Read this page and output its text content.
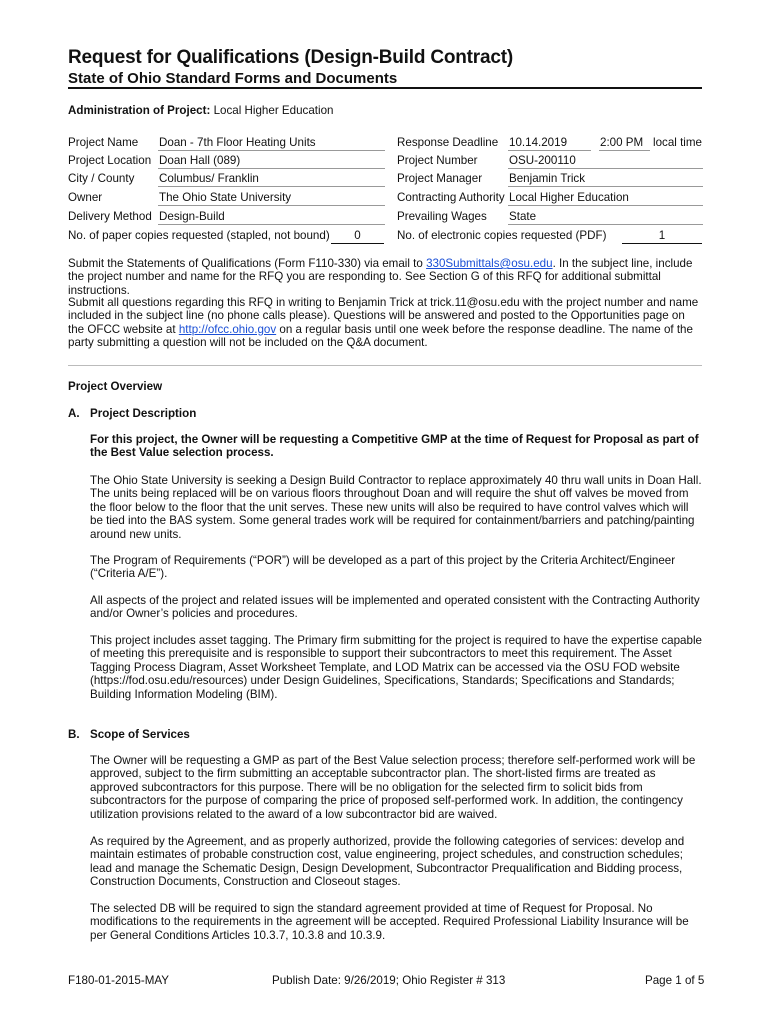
Request for Qualifications (Design-Build Contract)
State of Ohio Standard Forms and Documents
Administration of Project: Local Higher Education
Project Name Doan - 7th Floor Heating Units
Project Location Doan Hall (089)
City / County Columbus/ Franklin
Owner	The Ohio State University
Delivery Method Design-Build
No. of paper copies requested (stapled, not bound)	0
Response Deadline 10.14.2019	2:00 PM local time
Project Number	OSU-200110
Project Manager Benjamin Trick
Contracting Authority Local Higher Education
Prevailing Wages State
No. of electronic copies requested (PDF)	1
Submit the Statements of Qualifications (Form F110-330) via email to 330Submittals@osu.edu. In the subject line, include the project number and name for the RFQ you are responding to. See Section G of this RFQ for additional submittal instructions.
Submit all questions regarding this RFQ in writing to Benjamin Trick at trick.11@osu.edu with the project number and name included in the subject line (no phone calls please). Questions will be answered and posted to the Opportunities page on the OFCC website at http://ofcc.ohio.gov on a regular basis until one week before the response deadline. The name of the party submitting a question will not be included on the Q&A document.
Project Overview
A. Project Description
For this project, the Owner will be requesting a Competitive GMP at the time of Request for Proposal as part of the Best Value selection process.
The Ohio State University is seeking a Design Build Contractor to replace approximately 40 thru wall units in Doan Hall. The units being replaced will be on various floors throughout Doan and will require the shut off valves be moved from the floor below to the floor that the unit serves. These new units will also be required to have control valves which will be tied into the BAS system. Some general trades work will be required for containment/barriers and patching/painting around new units.
The Program of Requirements (“POR”) will be developed as a part of this project by the Criteria Architect/Engineer (“Criteria A/E”).
All aspects of the project and related issues will be implemented and operated consistent with the Contracting Authority and/or Owner’s policies and procedures.
This project includes asset tagging. The Primary firm submitting for the project is required to have the expertise capable of meeting this prerequisite and is responsible to support their subcontractors to meet this requirement. The Asset Tagging Process Diagram, Asset Worksheet Template, and LOD Matrix can be accessed via the OSU FOD website (https://fod.osu.edu/resources) under Design Guidelines, Specifications, Standards; Specifications and Standards; Building Information Modeling (BIM).
B. Scope of Services
The Owner will be requesting a GMP as part of the Best Value selection process; therefore self-performed work will be approved, subject to the firm submitting an acceptable subcontractor plan. The short-listed firms are treated as approved subcontractors for this purpose. There will be no obligation for the selected firm to solicit bids from subcontractors for the purpose of comparing the price of proposed self-performed work. In addition, the contingency utilization provisions related to the award of a low subcontractor bid are waived.
As required by the Agreement, and as properly authorized, provide the following categories of services: develop and maintain estimates of probable construction cost, value engineering, project schedules, and construction schedules; lead and manage the Schematic Design, Design Development, Subcontractor Prequalification and Bidding process, Construction Documents, Construction and Closeout stages.
The selected DB will be required to sign the standard agreement provided at time of Request for Proposal. No modifications to the requirements in the agreement will be accepted. Required Professional Liability Insurance will be per General Conditions Articles 10.3.7, 10.3.8 and 10.3.9.
F180-01-2015-MAY	Publish Date: 9/26/2019; Ohio Register # 313	Page 1 of 5
